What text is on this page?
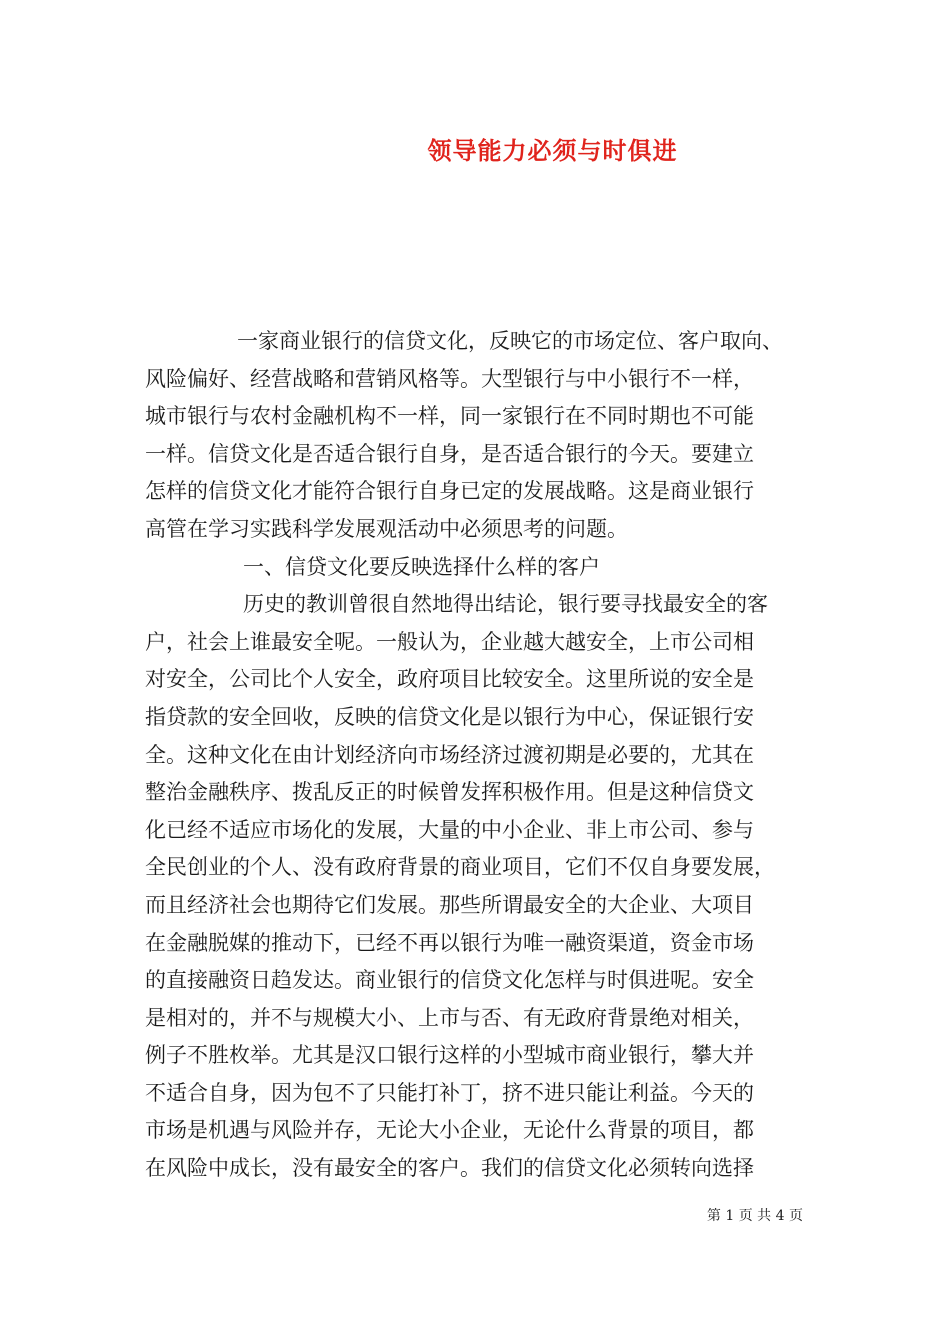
领导能力必须与时俱进

一家商业银行的信贷文化，反映它的市场定位、客户取向、
风险偏好、经营战略和营销风格等。大型银行与中小银行不一样，
城市银行与农村金融机构不一样，同一家银行在不同时期也不可能
一样。信贷文化是否适合银行自身，是否适合银行的今天。要建立
怎样的信贷文化才能符合银行自身已定的发展战略。这是商业银行
高管在学习实践科学发展观活动中必须思考的问题。

一、信贷文化要反映选择什么样的客户

历史的教训曾很自然地得出结论，银行要寻找最安全的客
户，社会上谁最安全呢。一般认为，企业越大越安全，上市公司相
对安全，公司比个人安全，政府项目比较安全。这里所说的安全是
指贷款的安全回收，反映的信贷文化是以银行为中心，保证银行安
全。这种文化在由计划经济向市场经济过渡初期是必要的，尤其在
整治金融秩序、拨乱反正的时候曾发挥积极作用。但是这种信贷文
化已经不适应市场化的发展，大量的中小企业、非上市公司、参与
全民创业的个人、没有政府背景的商业项目，它们不仅自身要发展，
而且经济社会也期待它们发展。那些所谓最安全的大企业、大项目
在金融脱媒的推动下，已经不再以银行为唯一融资渠道，资金市场
的直接融资日趋发达。商业银行的信贷文化怎样与时俱进呢。安全
是相对的，并不与规模大小、上市与否、有无政府背景绝对相关，
例子不胜枚举。尤其是汉口银行这样的小型城市商业银行，攀大并
不适合自身，因为包不了只能打补丁，挤不进只能让利益。今天的
市场是机遇与风险并存，无论大小企业，无论什么背景的项目，都
在风险中成长，没有最安全的客户。我们的信贷文化必须转向选择

第 1 页 共 4 页
